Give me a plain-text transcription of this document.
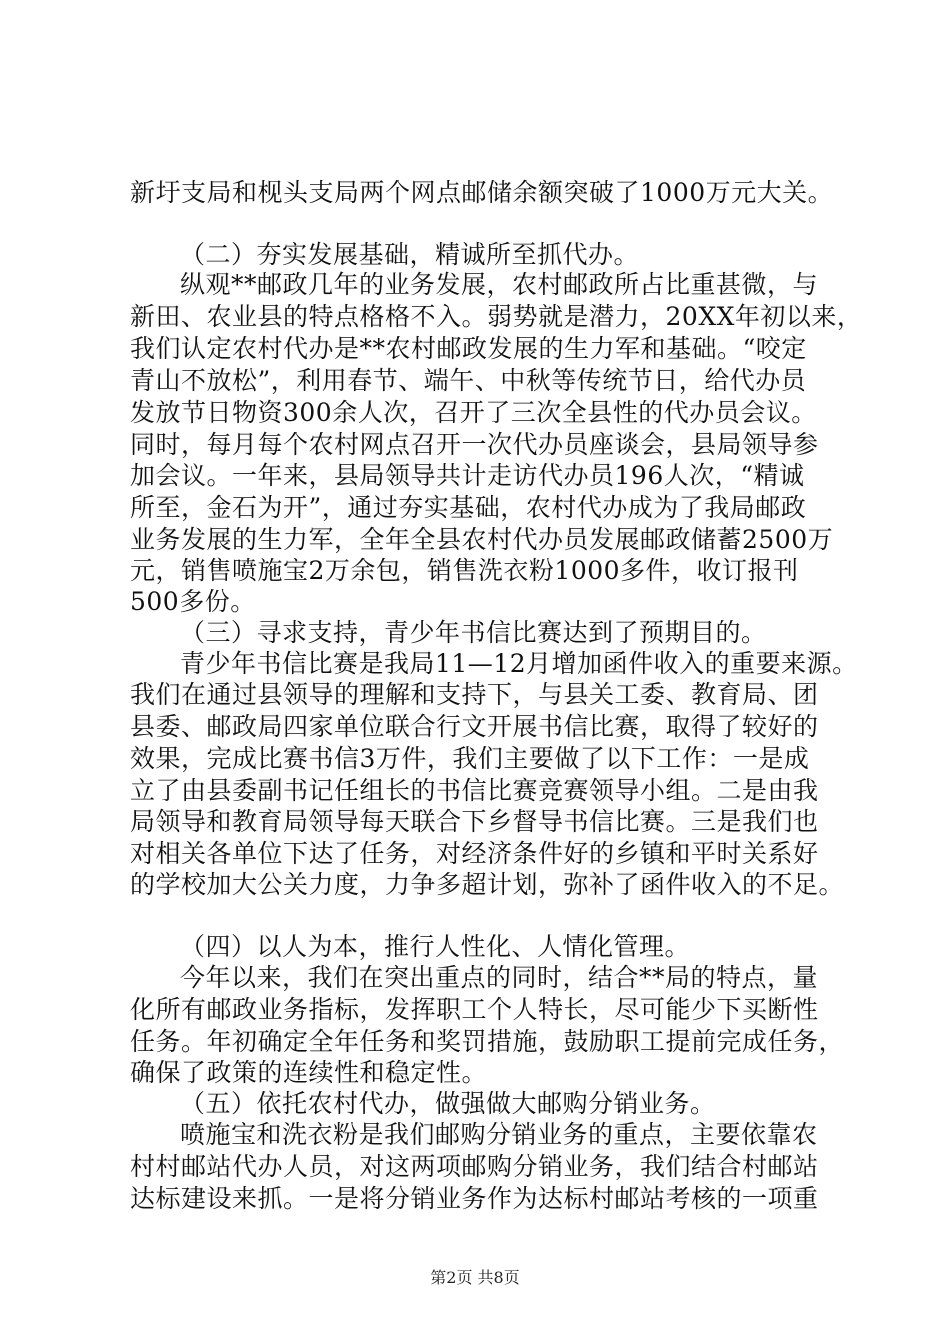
新圩支局和枧头支局两个网点邮储余额突破了1000万元大关。
（二）夯实发展基础，精诚所至抓代办。
纵观**邮政几年的业务发展，农村邮政所占比重甚微，与
新田、农业县的特点格格不入。弱势就是潜力，20XX年初以来，
我们认定农村代办是**农村邮政发展的生力军和基础。“咬定
青山不放松”，利用春节、端午、中秋等传统节日，给代办员
发放节日物资300余人次，召开了三次全县性的代办员会议。
同时，每月每个农村网点召开一次代办员座谈会，县局领导参
加会议。一年来，县局领导共计走访代办员196人次，“精诚
所至，金石为开”，通过夯实基础，农村代办成为了我局邮政
业务发展的生力军，全年全县农村代办员发展邮政储蓄2500万
元，销售喷施宝2万余包，销售洗衣粉1000多件，收订报刊
500多份。
（三）寻求支持，青少年书信比赛达到了预期目的。
青少年书信比赛是我局11—12月增加函件收入的重要来源。
我们在通过县领导的理解和支持下，与县关工委、教育局、团
县委、邮政局四家单位联合行文开展书信比赛，取得了较好的
效果，完成比赛书信3万件，我们主要做了以下工作：一是成
立了由县委副书记任组长的书信比赛竞赛领导小组。二是由我
局领导和教育局领导每天联合下乡督导书信比赛。三是我们也
对相关各单位下达了任务，对经济条件好的乡镇和平时关系好
的学校加大公关力度，力争多超计划，弥补了函件收入的不足。
（四）以人为本，推行人性化、人情化管理。
今年以来，我们在突出重点的同时，结合**局的特点，量
化所有邮政业务指标，发挥职工个人特长，尽可能少下买断性
任务。年初确定全年任务和奖罚措施，鼓励职工提前完成任务，
确保了政策的连续性和稳定性。
（五）依托农村代办，做强做大邮购分销业务。
喷施宝和洗衣粉是我们邮购分销业务的重点，主要依靠农
村村邮站代办人员，对这两项邮购分销业务，我们结合村邮站
达标建设来抓。一是将分销业务作为达标村邮站考核的一项重
第2页 共8页
